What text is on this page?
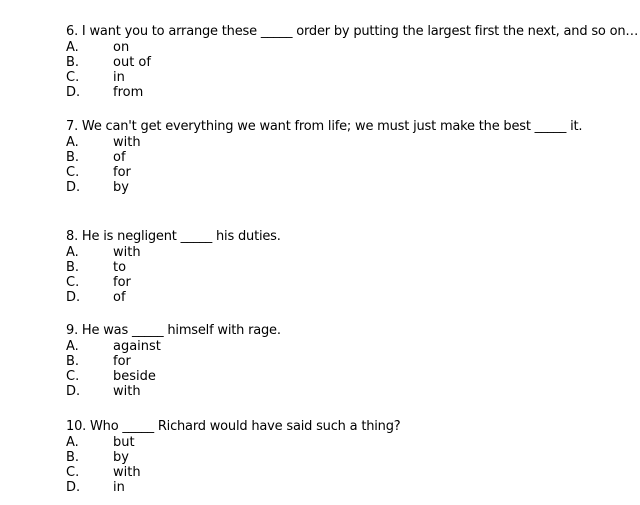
6. I want you to arrange these _____ order by putting the largest first the next, and so on…
A.	on
B.	out of
C.	in
D.	from
7. We can't get everything we want from life; we must just make the best _____ it.
A.	with
B.	of
C.	for
D.	by
8. He is negligent _____ his duties.
A.	with
B.	to
C.	for
D.	of
9. He was _____ himself with rage.
A.	against
B.	for
C.	beside
D.	with
10. Who _____ Richard would have said such a thing?
A.	but
B.	by
C.	with
D.	in
